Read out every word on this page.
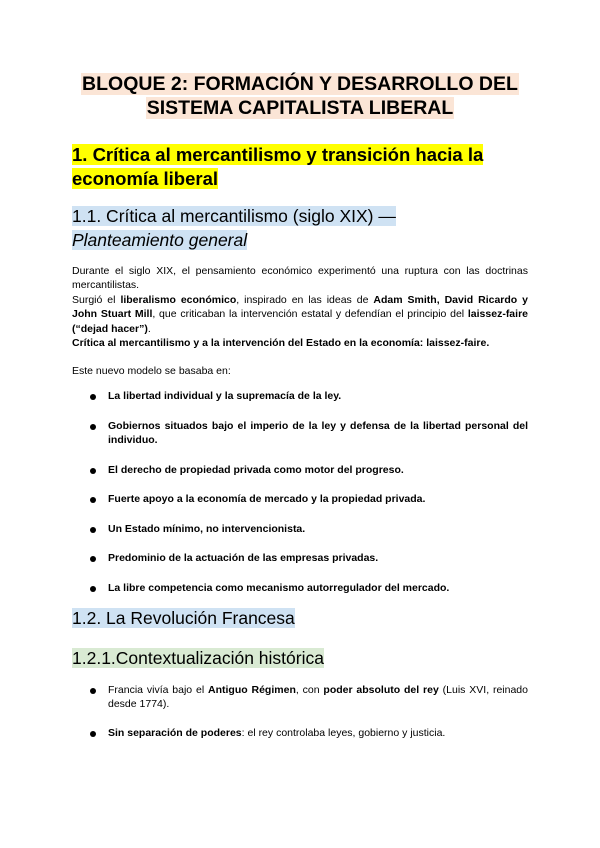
BLOQUE 2: FORMACIÓN Y DESARROLLO DEL
SISTEMA CAPITALISTA LIBERAL
1. Crítica al mercantilismo y transición hacia la
economía liberal
1.1. Crítica al mercantilismo (siglo XIX) —
Planteamiento general
Durante el siglo XIX, el pensamiento económico experimentó una ruptura con las doctrinas mercantilistas.
Surgió el liberalismo económico, inspirado en las ideas de Adam Smith, David Ricardo y John Stuart Mill, que criticaban la intervención estatal y defendían el principio del laissez-faire (“dejad hacer”).
Crítica al mercantilismo y a la intervención del Estado en la economía: laissez-faire.
Este nuevo modelo se basaba en:
La libertad individual y la supremacía de la ley.
Gobiernos situados bajo el imperio de la ley y defensa de la libertad personal del individuo.
El derecho de propiedad privada como motor del progreso.
Fuerte apoyo a la economía de mercado y la propiedad privada.
Un Estado mínimo, no intervencionista.
Predominio de la actuación de las empresas privadas.
La libre competencia como mecanismo autorregulador del mercado.
1.2. La Revolución Francesa
1.2.1.Contextualización histórica
Francia vivía bajo el Antiguo Régimen, con poder absoluto del rey (Luis XVI, reinado desde 1774).
Sin separación de poderes: el rey controlaba leyes, gobierno y justicia.
